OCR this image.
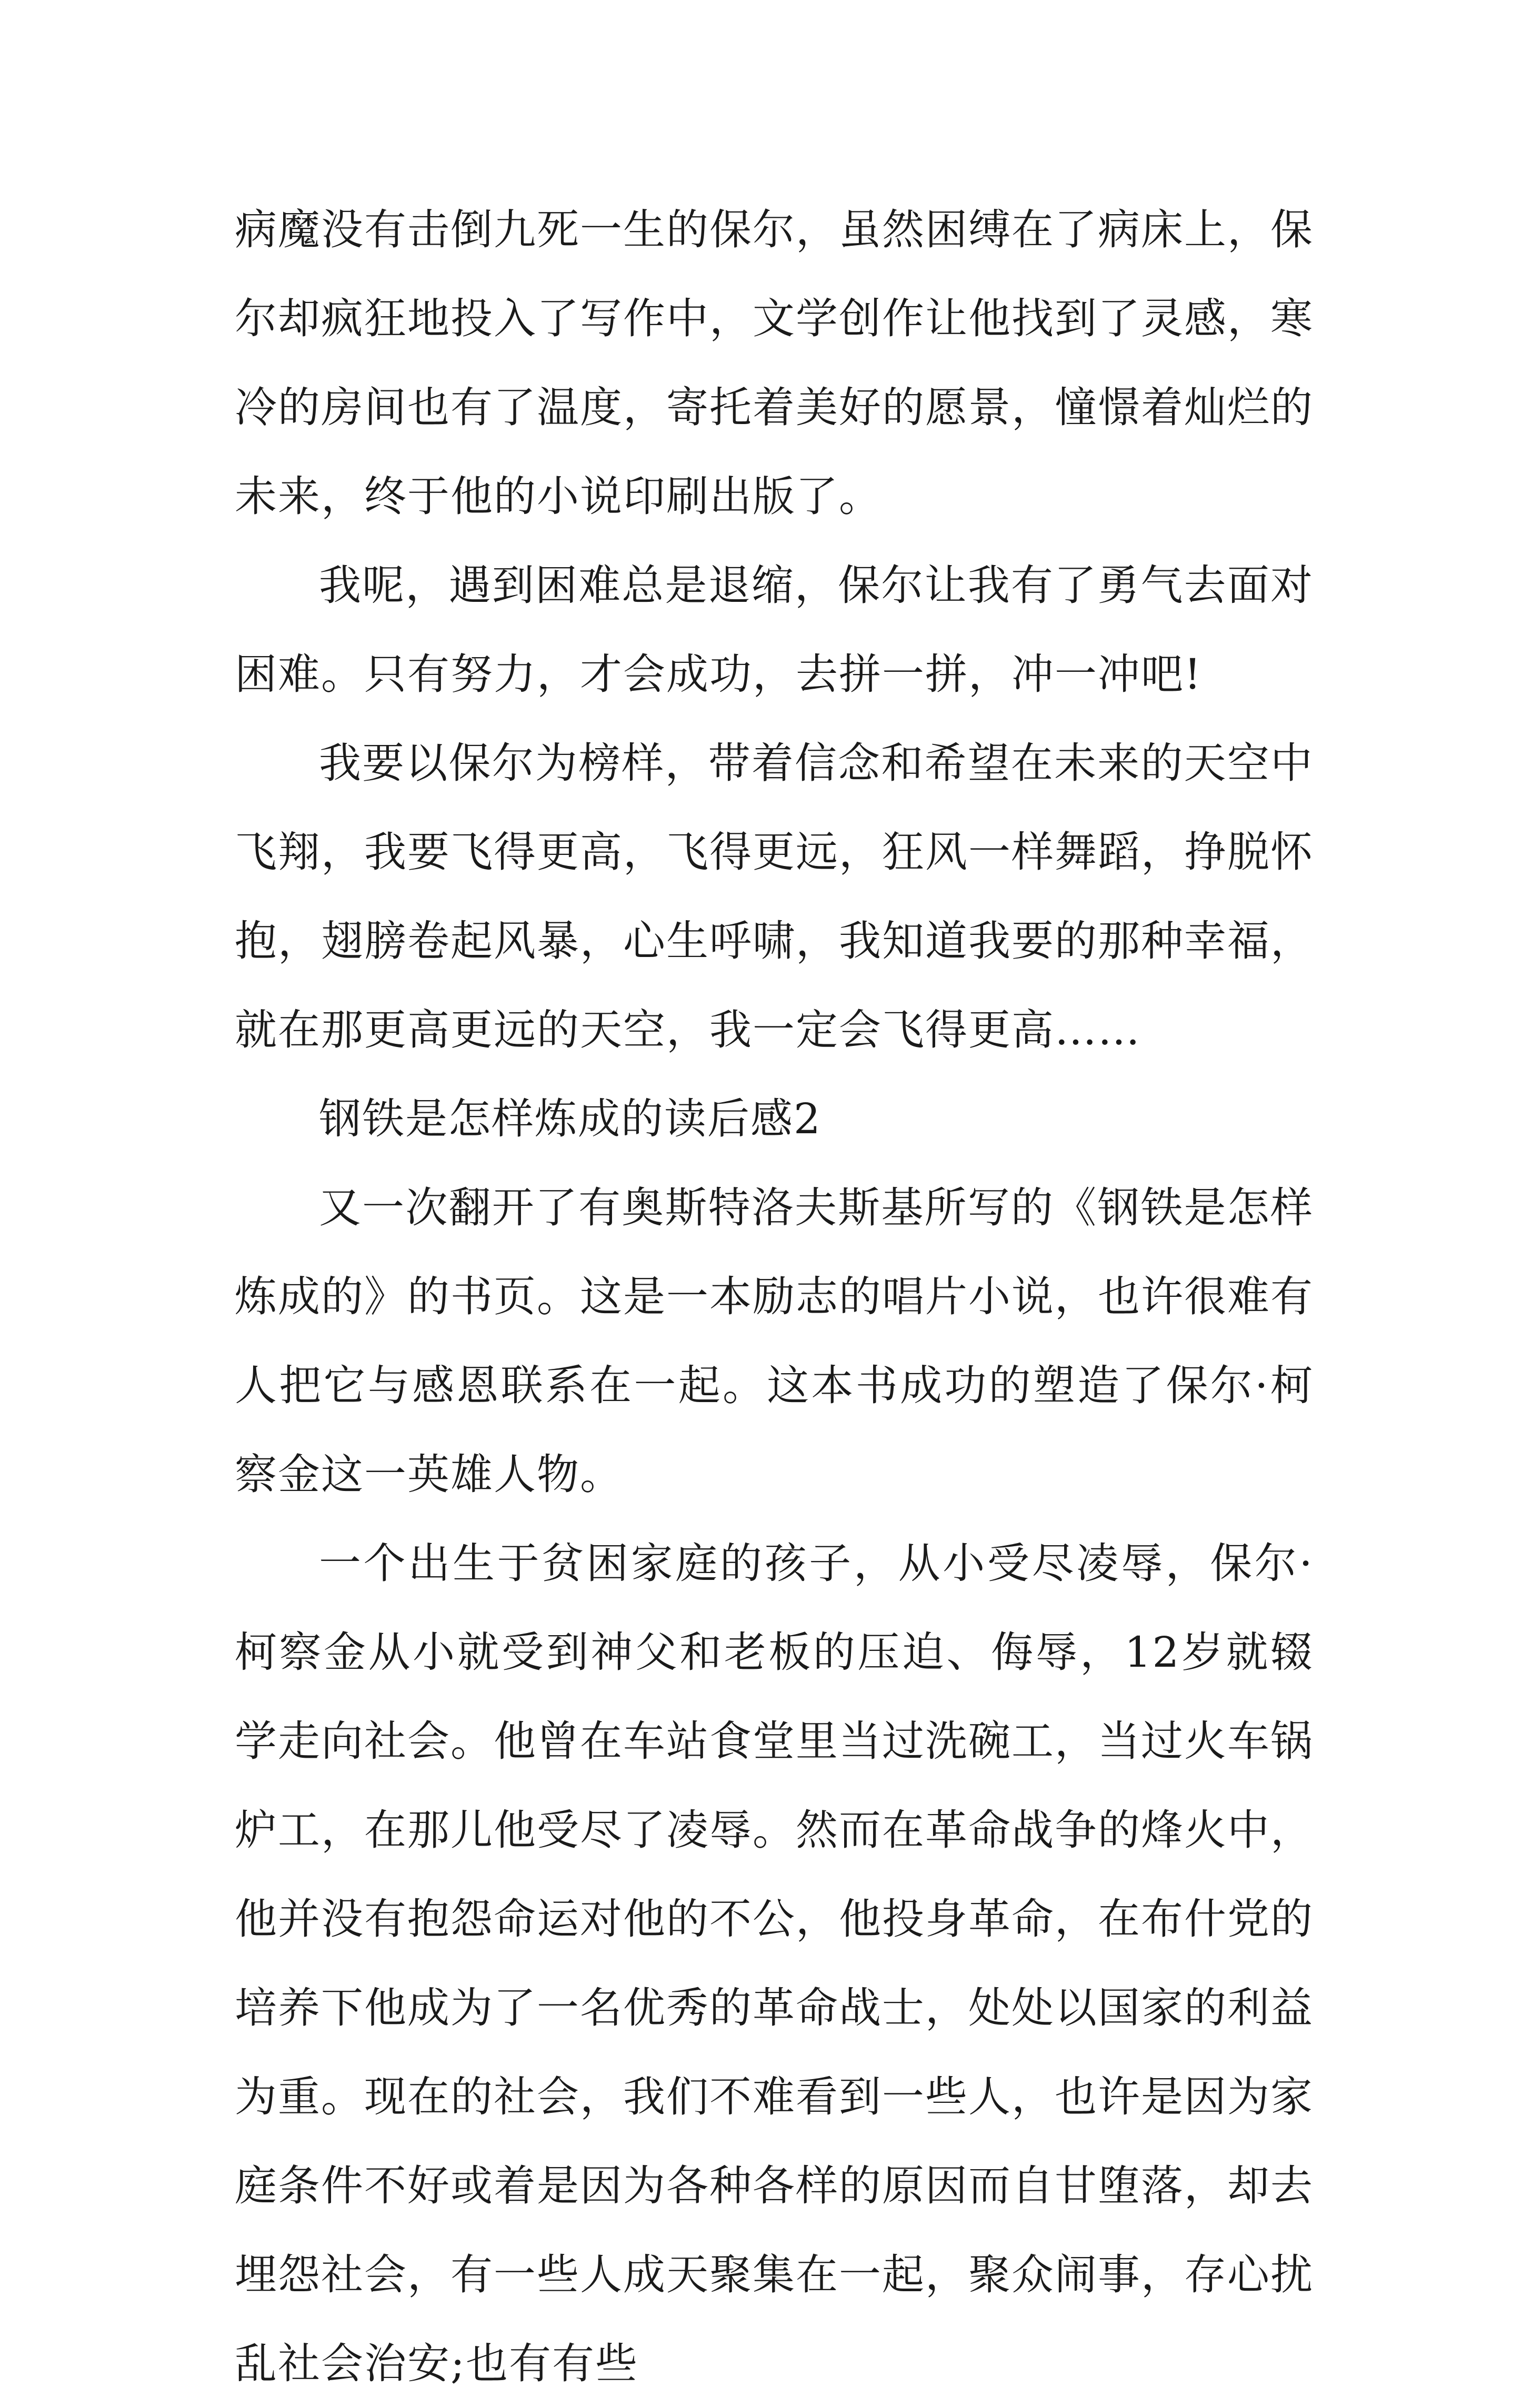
病魔没有击倒九死一生的保尔，虽然困缚在了病床上，保尔却疯狂地投入了写作中，文学创作让他找到了灵感，寒冷的房间也有了温度，寄托着美好的愿景，憧憬着灿烂的未来，终于他的小说印刷出版了。

我呢，遇到困难总是退缩，保尔让我有了勇气去面对困难。只有努力，才会成功，去拼一拼，冲一冲吧!

我要以保尔为榜样，带着信念和希望在未来的天空中飞翔，我要飞得更高，飞得更远，狂风一样舞蹈，挣脱怀抱，翅膀卷起风暴，心生呼啸，我知道我要的那种幸福，就在那更高更远的天空，我一定会飞得更高……

钢铁是怎样炼成的读后感2

又一次翻开了有奥斯特洛夫斯基所写的《钢铁是怎样炼成的》的书页。这是一本励志的唱片小说，也许很难有人把它与感恩联系在一起。这本书成功的塑造了保尔·柯察金这一英雄人物。

一个出生于贫困家庭的孩子，从小受尽凌辱，保尔·柯察金从小就受到神父和老板的压迫、侮辱，12岁就辍学走向社会。他曾在车站食堂里当过洗碗工，当过火车锅炉工，在那儿他受尽了凌辱。然而在革命战争的烽火中，他并没有抱怨命运对他的不公，他投身革命，在布什党的培养下他成为了一名优秀的革命战士，处处以国家的利益为重。现在的社会，我们不难看到一些人，也许是因为家庭条件不好或着是因为各种各样的原因而自甘堕落，却去埋怨社会，有一些人成天聚集在一起，聚众闹事，存心扰乱社会治安;也有有些
